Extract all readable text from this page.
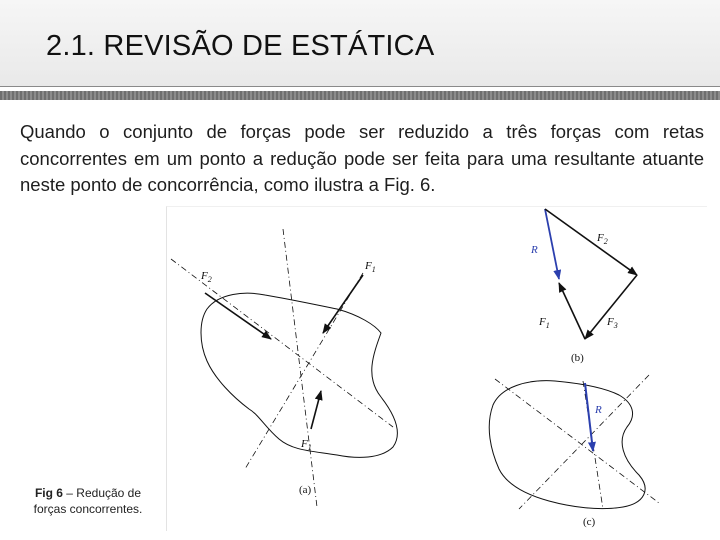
2.1. REVISÃO DE ESTÁTICA
Quando o conjunto de forças pode ser reduzido a três forças com retas concorrentes em um ponto a redução pode ser feita para uma resultante atuante neste ponto de concorrência, como ilustra a Fig. 6.
Fig 6 – Redução de forças concorrentes.
$F_2$
$F_1$
$F_1$
(a)
R
$F_2$
$F_1$	$F_3$
(b)
R
(c)
